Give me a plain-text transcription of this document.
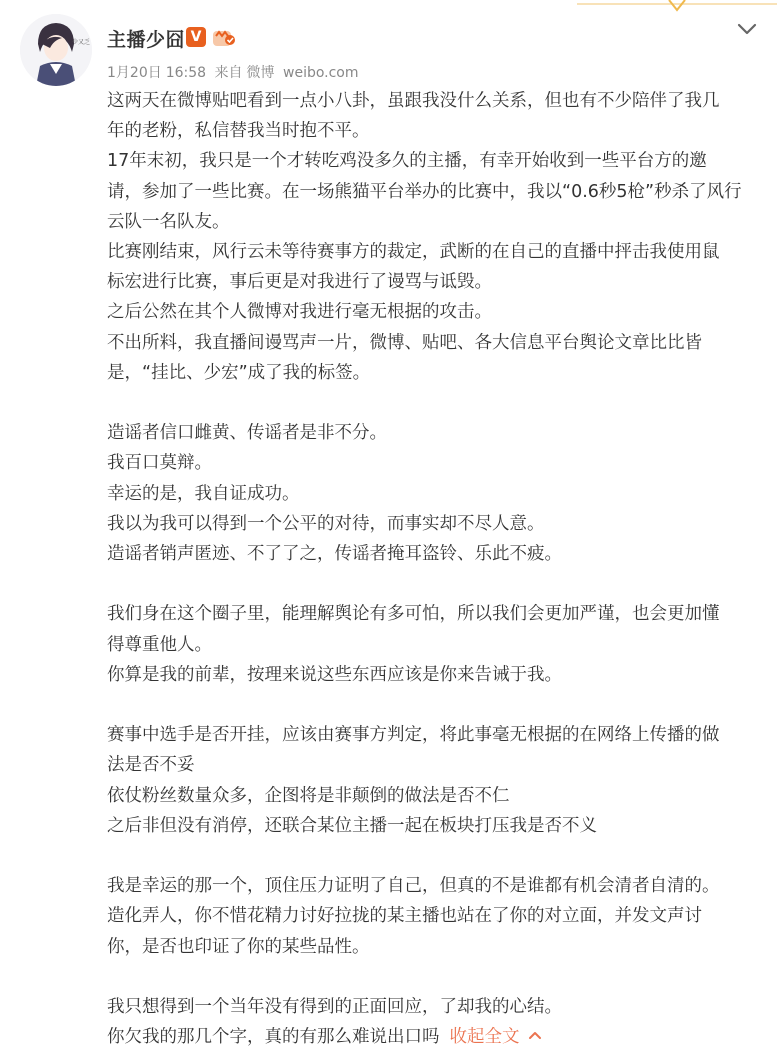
少又乏 主播少囧 V
1月20日 16:58 来自 微博 weibo.com

这两天在微博贴吧看到一点小八卦，虽跟我没什么关系，但也有不少陪伴了我几

年的老粉，私信替我当时抱不平。

17年末初，我只是一个才转吃鸡没多久的主播，有幸开始收到一些平台方的邀

请，参加了一些比赛。在一场熊猫平台举办的比赛中，我以“0.6秒5枪”秒杀了风行

云队一名队友。

比赛刚结束，风行云未等待赛事方的裁定，武断的在自己的直播中抨击我使用鼠

标宏进行比赛，事后更是对我进行了谩骂与诋毁。

之后公然在其个人微博对我进行毫无根据的攻击。

不出所料，我直播间谩骂声一片，微博、贴吧、各大信息平台舆论文章比比皆

是，“挂比、少宏”成了我的标签。

造谣者信口雌黄、传谣者是非不分。

我百口莫辩。

幸运的是，我自证成功。

我以为我可以得到一个公平的对待，而事实却不尽人意。

造谣者销声匿迹、不了了之，传谣者掩耳盗铃、乐此不疲。

我们身在这个圈子里，能理解舆论有多可怕，所以我们会更加严谨，也会更加懂

得尊重他人。

你算是我的前辈，按理来说这些东西应该是你来告诫于我。

赛事中选手是否开挂，应该由赛事方判定，将此事毫无根据的在网络上传播的做

法是否不妥

依仗粉丝数量众多，企图将是非颠倒的做法是否不仁

之后非但没有消停，还联合某位主播一起在板块打压我是否不义

我是幸运的那一个，顶住压力证明了自己，但真的不是谁都有机会清者自清的。

造化弄人，你不惜花精力讨好拉拢的某主播也站在了你的对立面，并发文声讨

你，是否也印证了你的某些品性。

我只想得到一个当年没有得到的正面回应，了却我的心结。

你欠我的那几个字，真的有那么难说出口吗 收起全文
